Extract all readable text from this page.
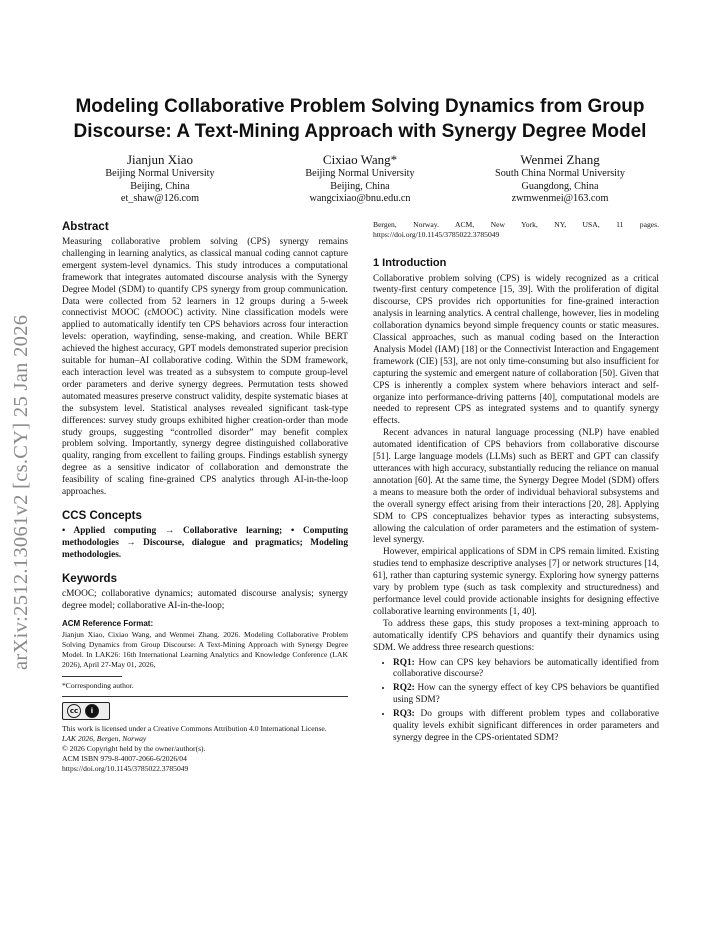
arXiv:2512.13061v2 [cs.CY] 25 Jan 2026
Modeling Collaborative Problem Solving Dynamics from Group
Discourse: A Text-Mining Approach with Synergy Degree Model
Jianjun Xiao
Beijing Normal University
Beijing, China
et_shaw@126.com
Cixiao Wang*
Beijing Normal University
Beijing, China
wangcixiao@bnu.edu.cn
Wenmei Zhang
South China Normal University
Guangdong, China
zwmwenmei@163.com
Abstract

Measuring collaborative problem solving (CPS) synergy remains challenging in learning analytics, as classical manual coding cannot capture emergent system-level dynamics. This study introduces a computational framework that integrates automated discourse analysis with the Synergy Degree Model (SDM) to quantify CPS synergy from group communication. Data were collected from 52 learners in 12 groups during a 5-week connectivist MOOC (cMOOC) activity. Nine classification models were applied to automatically identify ten CPS behaviors across four interaction levels: operation, wayfinding, sense-making, and creation. While BERT achieved the highest accuracy, GPT models demonstrated superior precision suitable for human–AI collaborative coding. Within the SDM framework, each interaction level was treated as a subsystem to compute group-level order parameters and derive synergy degrees. Permutation tests showed automated measures preserve construct validity, despite systematic biases at the subsystem level. Statistical analyses revealed significant task-type differences: survey study groups exhibited higher creation-order than mode study groups, suggesting “controlled disorder” may benefit complex problem solving. Importantly, synergy degree distinguished collaborative quality, ranging from excellent to failing groups. Findings establish synergy degree as a sensitive indicator of collaboration and demonstrate the feasibility of scaling fine-grained CPS analytics through AI-in-the-loop approaches.

CCS Concepts

• Applied computing → Collaborative learning; • Computing methodologies → Discourse, dialogue and pragmatics; Modeling methodologies.

Keywords

cMOOC; collaborative dynamics; automated discourse analysis; synergy degree model; collaborative AI-in-the-loop;

ACM Reference Format:

Jianjun Xiao, Cixiao Wang, and Wenmei Zhang. 2026. Modeling Collaborative Problem Solving Dynamics from Group Discourse: A Text-Mining Approach with Synergy Degree Model. In LAK26: 16th International Learning Analytics and Knowledge Conference (LAK 2026), April 27-May 01, 2026,

*Corresponding author.

cc	i

This work is licensed under a Creative Commons Attribution 4.0 International License.

LAK 2026, Bergen, Norway

© 2026 Copyright held by the owner/author(s).

ACM ISBN 979-8-4007-2066-6/2026/04

https://doi.org/10.1145/3785022.3785049

Bergen, Norway. ACM, New York, NY, USA, 11 pages. https://doi.org/10.1145/3785022.3785049

1 Introduction

Collaborative problem solving (CPS) is widely recognized as a critical twenty-first century competence [15, 39]. With the proliferation of digital discourse, CPS provides rich opportunities for fine-grained interaction analysis in learning analytics. A central challenge, however, lies in modeling collaboration dynamics beyond simple frequency counts or static measures. Classical approaches, such as manual coding based on the Interaction Analysis Model (IAM) [18] or the Connectivist Interaction and Engagement framework (CIE) [53], are not only time-consuming but also insufficient for capturing the systemic and emergent nature of collaboration [50]. Given that CPS is inherently a complex system where behaviors interact and self-organize into performance-driving patterns [40], computational models are needed to represent CPS as integrated systems and to quantify synergy effects.

Recent advances in natural language processing (NLP) have enabled automated identification of CPS behaviors from collaborative discourse [51]. Large language models (LLMs) such as BERT and GPT can classify utterances with high accuracy, substantially reducing the reliance on manual annotation [60]. At the same time, the Synergy Degree Model (SDM) offers a means to measure both the order of individual behavioral subsystems and the overall synergy effect arising from their interactions [20, 28]. Applying SDM to CPS conceptualizes behavior types as interacting subsystems, allowing the calculation of order parameters and the estimation of system-level synergy.

However, empirical applications of SDM in CPS remain limited. Existing studies tend to emphasize descriptive analyses [7] or network structures [14, 61], rather than capturing systemic synergy. Exploring how synergy patterns vary by problem type (such as task complexity and structuredness) and performance level could provide actionable insights for designing effective collaborative learning environments [1, 40].

To address these gaps, this study proposes a text-mining approach to automatically identify CPS behaviors and quantify their dynamics using SDM. We address three research questions:

• RQ1: How can CPS key behaviors be automatically identified from collaborative discourse?
• RQ2: How can the synergy effect of key CPS behaviors be quantified using SDM?
• RQ3: Do groups with different problem types and collaborative quality levels exhibit significant differences in order parameters and synergy degree in the CPS-orientated SDM?
